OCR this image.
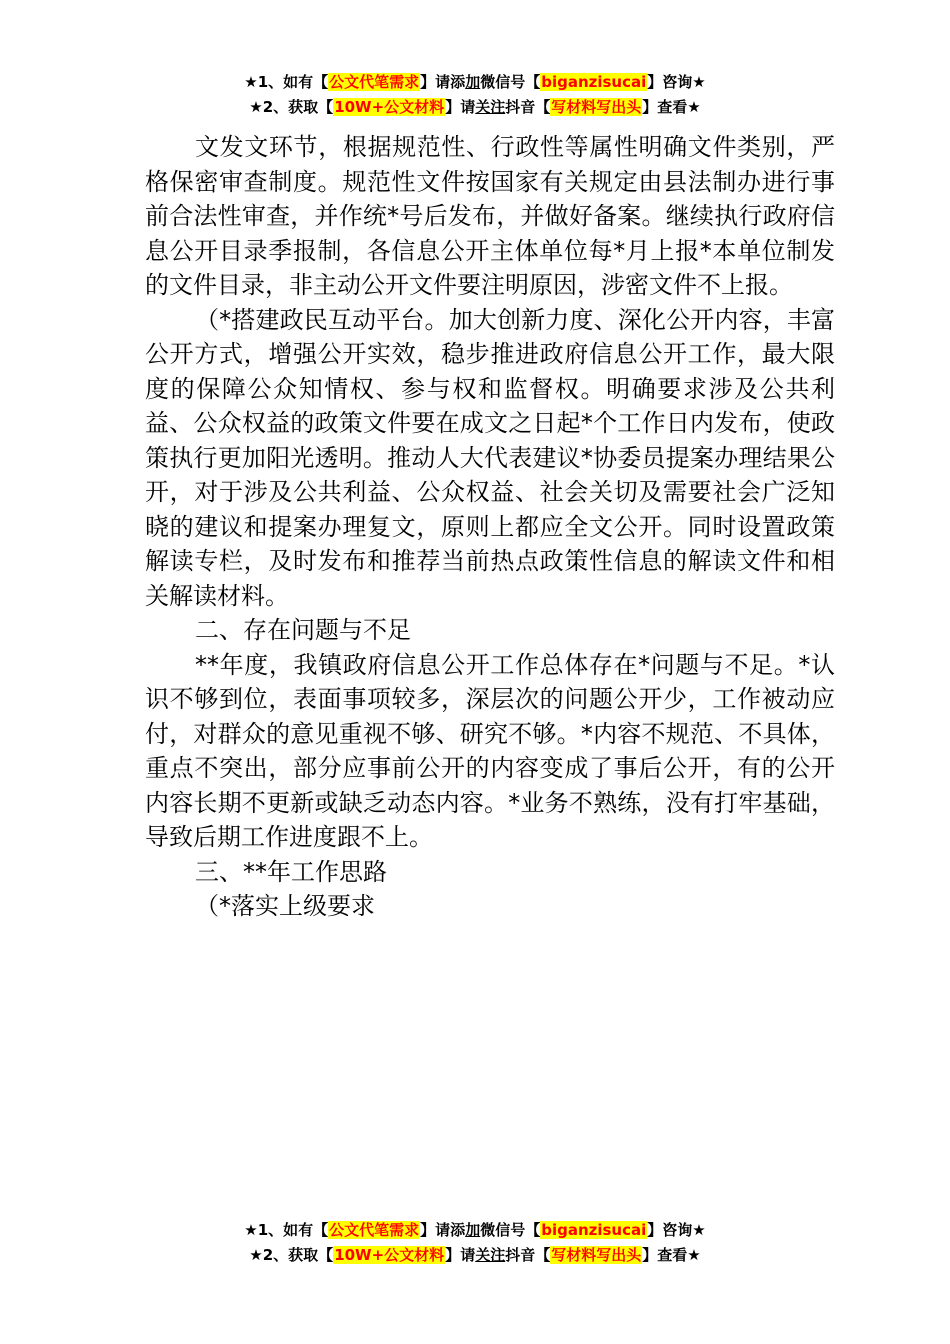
★1、如有【公文代笔需求】请添加微信号【biganzisucai】咨询★
★2、获取【10W+公文材料】请关注抖音【写材料写出头】查看★

文发文环节，根据规范性、行政性等属性明确文件类别，严格保密审查制度。规范性文件按国家有关规定由县法制办进行事前合法性审查，并作统*号后发布，并做好备案。继续执行政府信息公开目录季报制，各信息公开主体单位每*月上报*本单位制发的文件目录，非主动公开文件要注明原因，涉密文件不上报。

（*搭建政民互动平台。加大创新力度、深化公开内容，丰富公开方式，增强公开实效，稳步推进政府信息公开工作，最大限度的保障公众知情权、参与权和监督权。明确要求涉及公共利益、公众权益的政策文件要在成文之日起*个工作日内发布，使政策执行更加阳光透明。推动人大代表建议*协委员提案办理结果公开，对于涉及公共利益、公众权益、社会关切及需要社会广泛知晓的建议和提案办理复文，原则上都应全文公开。同时设置政策解读专栏，及时发布和推荐当前热点政策性信息的解读文件和相关解读材料。

二、存在问题与不足

**年度，我镇政府信息公开工作总体存在*问题与不足。*认识不够到位，表面事项较多，深层次的问题公开少，工作被动应付，对群众的意见重视不够、研究不够。*内容不规范、不具体，重点不突出，部分应事前公开的内容变成了事后公开，有的公开内容长期不更新或缺乏动态内容。*业务不熟练，没有打牢基础，导致后期工作进度跟不上。

三、**年工作思路

（*落实上级要求

★1、如有【公文代笔需求】请添加微信号【biganzisucai】咨询★
★2、获取【10W+公文材料】请关注抖音【写材料写出头】查看★
